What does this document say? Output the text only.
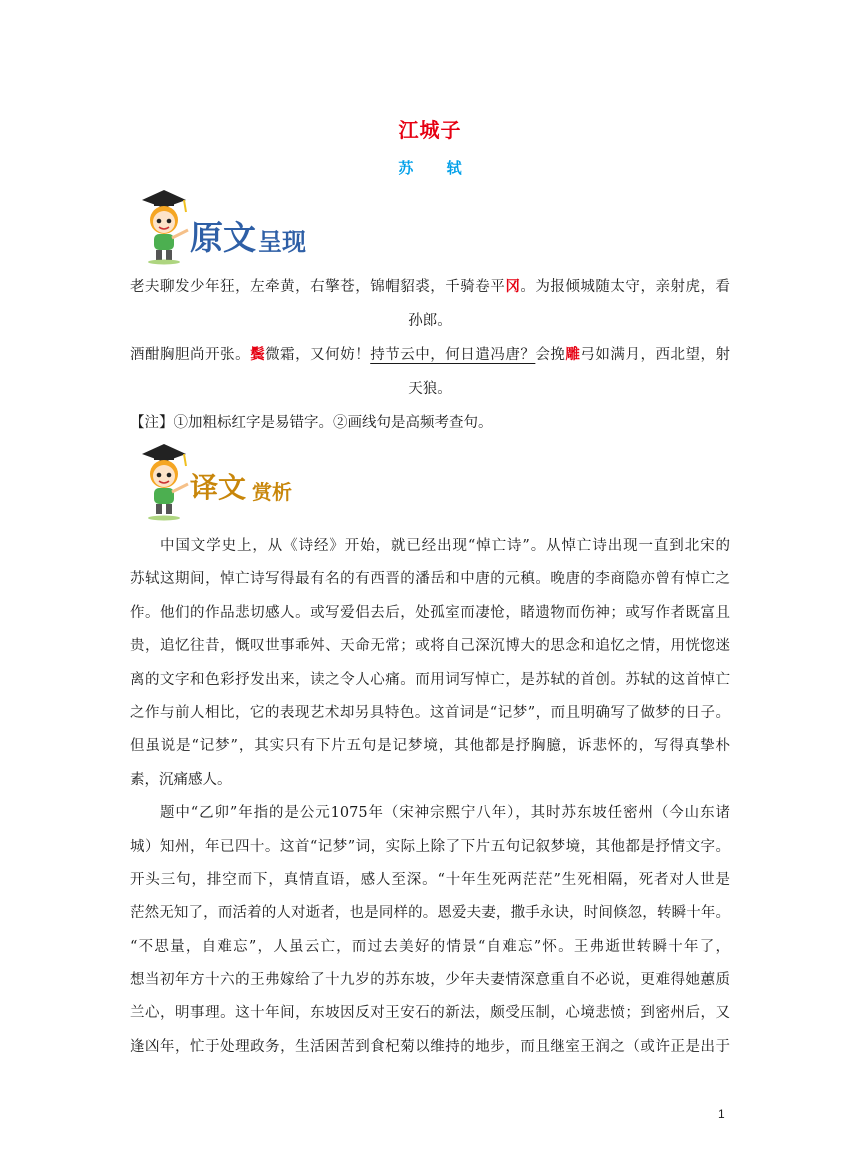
江城子
苏 轼
原文 呈现
老夫聊发少年狂，左牵黄，右擎苍，锦帽貂裘，千骑卷平冈。为报倾城随太守，亲射虎，看
孙郎。
酒酣胸胆尚开张。鬓微霜，又何妨！持节云中，何日遣冯唐？会挽雕弓如满月，西北望，射
天狼。
【注】①加粗标红字是易错字。②画线句是高频考查句。
译文 赏析
中国文学史上，从《诗经》开始，就已经出现“悼亡诗”。从悼亡诗出现一直到北宋的
苏轼这期间，悼亡诗写得最有名的有西晋的潘岳和中唐的元稹。晚唐的李商隐亦曾有悼亡之
作。他们的作品悲切感人。或写爱侣去后，处孤室而凄怆，睹遗物而伤神；或写作者既富且
贵，追忆往昔，慨叹世事乖舛、天命无常；或将自己深沉博大的思念和追忆之情，用恍惚迷
离的文字和色彩抒发出来，读之令人心痛。而用词写悼亡，是苏轼的首创。苏轼的这首悼亡
之作与前人相比，它的表现艺术却另具特色。这首词是“记梦”，而且明确写了做梦的日子。
但虽说是“记梦”，其实只有下片五句是记梦境，其他都是抒胸臆，诉悲怀的，写得真挚朴
素，沉痛感人。
题中“乙卯”年指的是公元1075年（宋神宗熙宁八年），其时苏东坡任密州（今山东诸
城）知州，年已四十。这首“记梦”词，实际上除了下片五句记叙梦境，其他都是抒情文字。
开头三句，排空而下，真情直语，感人至深。“十年生死两茫茫”生死相隔，死者对人世是
茫然无知了，而活着的人对逝者，也是同样的。恩爱夫妻，撒手永诀，时间倏忽，转瞬十年。
“不思量，自难忘”，人虽云亡，而过去美好的情景“自难忘”怀。王弗逝世转瞬十年了，
想当初年方十六的王弗嫁给了十九岁的苏东坡，少年夫妻情深意重自不必说，更难得她蕙质
兰心，明事理。这十年间，东坡因反对王安石的新法，颇受压制，心境悲愤；到密州后，又
逢凶年，忙于处理政务，生活困苦到食杞菊以维持的地步，而且继室王润之（或许正是出于
1
